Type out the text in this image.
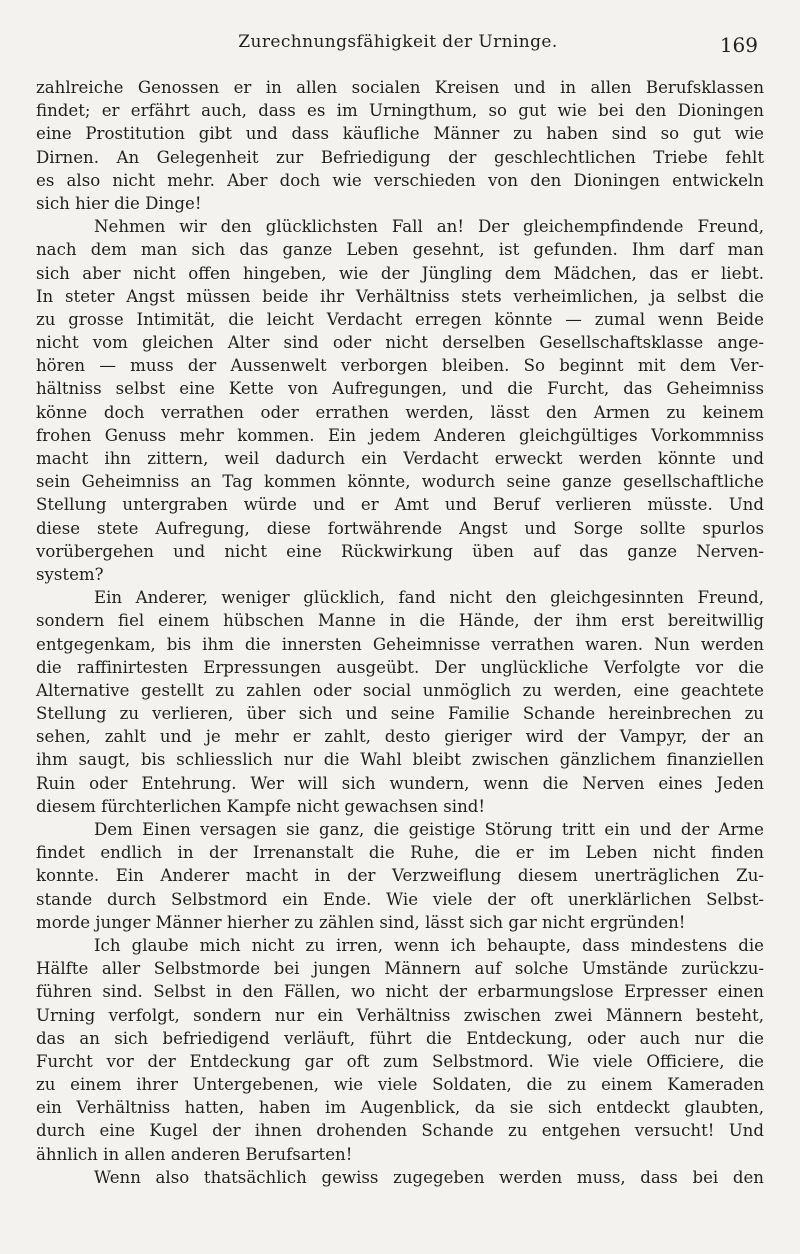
Zurechnungsfähigkeit der Urninge.	169
zahlreiche Genossen er in allen socialen Kreisen und in allen Berufsklassen
findet; er erfährt auch, dass es im Urningthum, so gut wie bei den Dioningen
eine Prostitution gibt und dass käufliche Männer zu haben sind so gut wie
Dirnen. An Gelegenheit zur Befriedigung der geschlechtlichen Triebe fehlt
es also nicht mehr. Aber doch wie verschieden von den Dioningen entwickeln
sich hier die Dinge!
Nehmen wir den glücklichsten Fall an! Der gleichempfindende Freund,
nach dem man sich das ganze Leben gesehnt, ist gefunden. Ihm darf man
sich aber nicht offen hingeben, wie der Jüngling dem Mädchen, das er liebt.
In steter Angst müssen beide ihr Verhältniss stets verheimlichen, ja selbst die
zu grosse Intimität, die leicht Verdacht erregen könnte — zumal wenn Beide
nicht vom gleichen Alter sind oder nicht derselben Gesellschaftsklasse ange-
hören — muss der Aussenwelt verborgen bleiben. So beginnt mit dem Ver-
hältniss selbst eine Kette von Aufregungen, und die Furcht, das Geheimniss
könne doch verrathen oder errathen werden, lässt den Armen zu keinem
frohen Genuss mehr kommen. Ein jedem Anderen gleichgültiges Vorkommniss
macht ihn zittern, weil dadurch ein Verdacht erweckt werden könnte und
sein Geheimniss an Tag kommen könnte, wodurch seine ganze gesellschaftliche
Stellung untergraben würde und er Amt und Beruf verlieren müsste. Und
diese stete Aufregung, diese fortwährende Angst und Sorge sollte spurlos
vorübergehen und nicht eine Rückwirkung üben auf das ganze Nerven-
system?
Ein Anderer, weniger glücklich, fand nicht den gleichgesinnten Freund,
sondern fiel einem hübschen Manne in die Hände, der ihm erst bereitwillig
entgegenkam, bis ihm die innersten Geheimnisse verrathen waren. Nun werden
die raffinirtesten Erpressungen ausgeübt. Der unglückliche Verfolgte vor die
Alternative gestellt zu zahlen oder social unmöglich zu werden, eine geachtete
Stellung zu verlieren, über sich und seine Familie Schande hereinbrechen zu
sehen, zahlt und je mehr er zahlt, desto gieriger wird der Vampyr, der an
ihm saugt, bis schliesslich nur die Wahl bleibt zwischen gänzlichem finanziellen
Ruin oder Entehrung. Wer will sich wundern, wenn die Nerven eines Jeden
diesem fürchterlichen Kampfe nicht gewachsen sind!
Dem Einen versagen sie ganz, die geistige Störung tritt ein und der Arme
findet endlich in der Irrenanstalt die Ruhe, die er im Leben nicht finden
konnte. Ein Anderer macht in der Verzweiflung diesem unerträglichen Zu-
stande durch Selbstmord ein Ende. Wie viele der oft unerklärlichen Selbst-
morde junger Männer hierher zu zählen sind, lässt sich gar nicht ergründen!
Ich glaube mich nicht zu irren, wenn ich behaupte, dass mindestens die
Hälfte aller Selbstmorde bei jungen Männern auf solche Umstände zurückzu-
führen sind. Selbst in den Fällen, wo nicht der erbarmungslose Erpresser einen
Urning verfolgt, sondern nur ein Verhältniss zwischen zwei Männern besteht,
das an sich befriedigend verläuft, führt die Entdeckung, oder auch nur die
Furcht vor der Entdeckung gar oft zum Selbstmord. Wie viele Officiere, die
zu einem ihrer Untergebenen, wie viele Soldaten, die zu einem Kameraden
ein Verhältniss hatten, haben im Augenblick, da sie sich entdeckt glaubten,
durch eine Kugel der ihnen drohenden Schande zu entgehen versucht! Und
ähnlich in allen anderen Berufsarten!
Wenn also thatsächlich gewiss zugegeben werden muss, dass bei den
